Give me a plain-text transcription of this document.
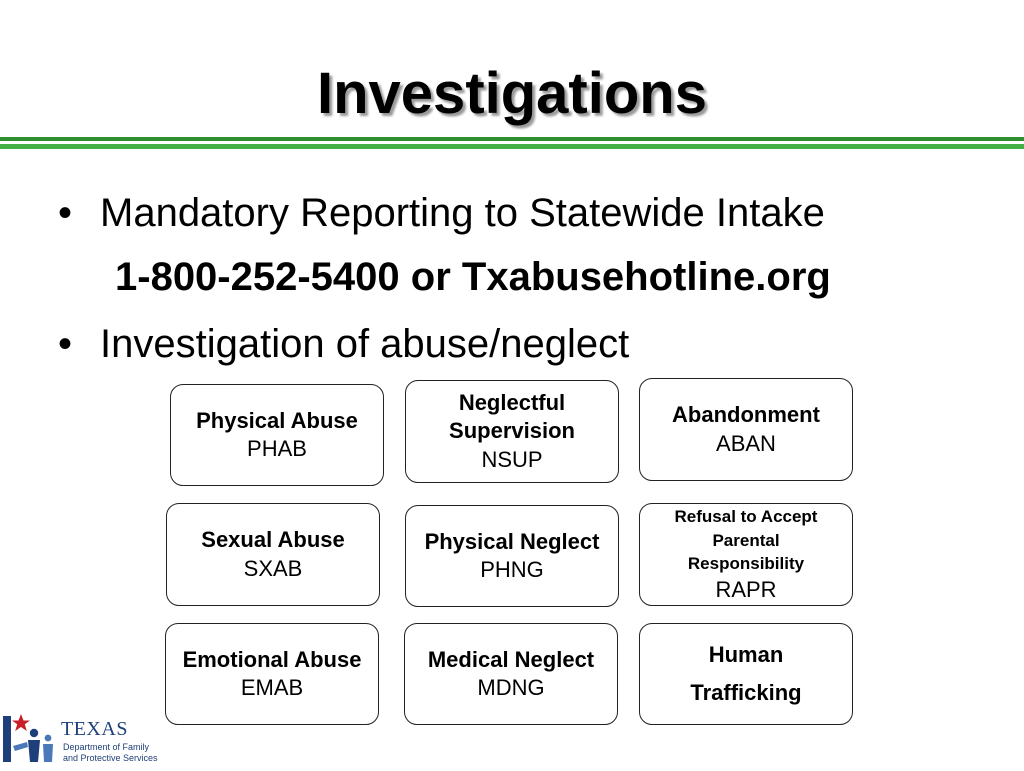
Investigations
• Mandatory Reporting to Statewide Intake
1-800-252-5400 or Txabusehotline.org
• Investigation of abuse/neglect
Physical Abuse
PHAB
Neglectful Supervision
NSUP
Abandonment
ABAN
Sexual Abuse
SXAB
Physical Neglect
PHNG
Refusal to Accept Parental Responsibility
RAPR
Emotional Abuse
EMAB
Medical Neglect
MDNG
Human Trafficking
TEXAS
Department of Family
and Protective Services
